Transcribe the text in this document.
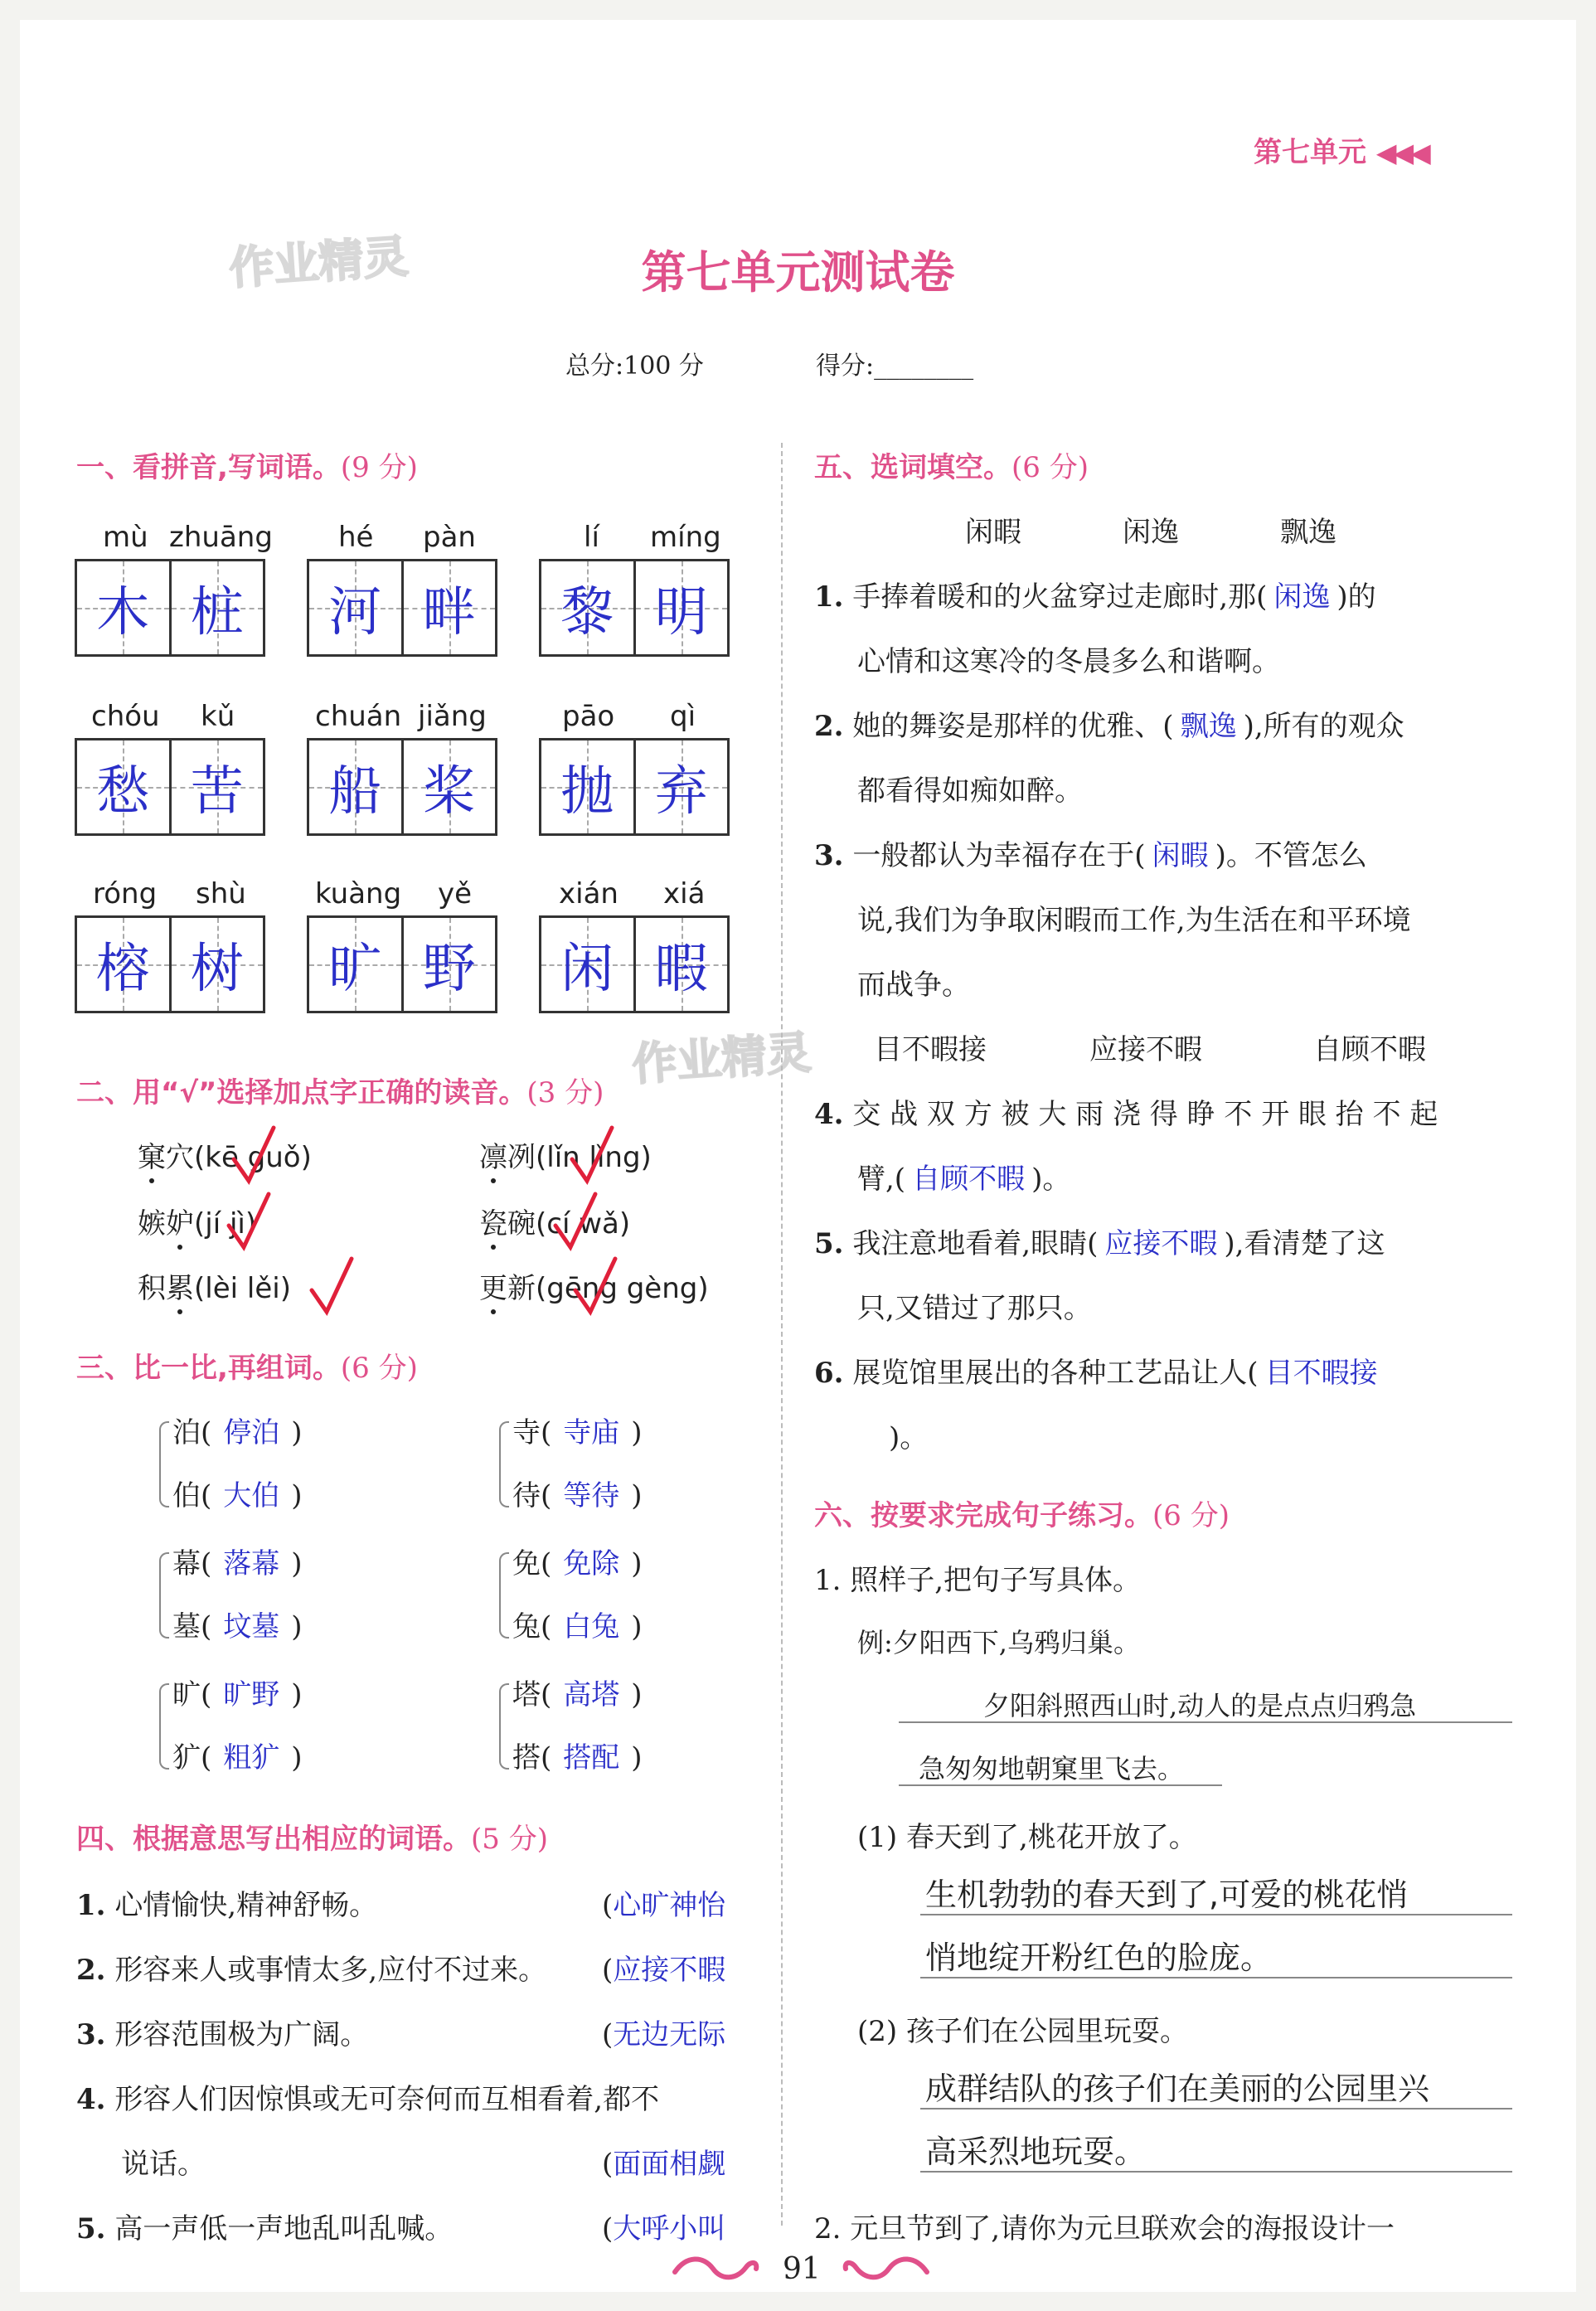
第七单元 ◀◀◀
作业精灵
作业精灵
第七单元测试卷
总分:100 分	得分:________
一、看拼音,写词语。(9 分)
mù zhuāng
木 桩
hé pàn
河 畔
lí míng
黎 明
chóu kǔ
愁 苦
chuán jiǎng
船 桨
pāo qì
抛 弃
róng shù
榕 树
kuàng yě
旷 野
xián xiá
闲 暇
二、用“√”选择加点字正确的读音。(3 分)
窠穴(kē guǒ)	凛冽(lǐn lǐng)
嫉妒(jí jì)	瓷碗(cí wǎ)
积累(lèi lěi)	更新(gēng gèng)
三、比一比,再组词。(6 分)
泊( 停泊 )
伯( 大伯 )
寺( 寺庙 )
待( 等待 )
幕( 落幕 )
墓( 坟墓 )
免( 免除 )
兔( 白兔 )
旷( 旷野 )
犷( 粗犷 )
塔( 高塔 )
搭( 搭配 )
四、根据意思写出相应的词语。(5 分)
1. 心情愉快,精神舒畅。	(心旷神怡
2. 形容来人或事情太多,应付不过来。 (应接不暇
3. 形容范围极为广阔。	(无边无际
4. 形容人们因惊惧或无可奈何而互相看着,都不
说话。	(面面相觑
5. 高一声低一声地乱叫乱喊。	(大呼小叫
五、选词填空。(6 分)
闲暇	闲逸	飘逸
1. 手捧着暖和的火盆穿过走廊时,那( 闲逸 )的
心情和这寒冷的冬晨多么和谐啊。
2. 她的舞姿是那样的优雅、( 飘逸 ),所有的观众
都看得如痴如醉。
3. 一般都认为幸福存在于( 闲暇 )。不管怎么
说,我们为争取闲暇而工作,为生活在和平环境
而战争。
目不暇接	应接不暇	自顾不暇
4. 交 战 双 方 被 大 雨 浇 得 睁 不 开 眼 抬 不 起
臂,( 自顾不暇 )。
5. 我注意地看着,眼睛( 应接不暇 ),看清楚了这
只,又错过了那只。
6. 展览馆里展出的各种工艺品让人( 目不暇接
)。
六、按要求完成句子练习。(6 分)
1. 照样子,把句子写具体。
例:夕阳西下,乌鸦归巢。
夕阳斜照西山时,动人的是点点归鸦急
急匆匆地朝窠里飞去。
(1) 春天到了,桃花开放了。
生机勃勃的春天到了,可爱的桃花悄
悄地绽开粉红色的脸庞。
(2) 孩子们在公园里玩耍。
成群结队的孩子们在美丽的公园里兴
高采烈地玩耍。
2. 元旦节到了,请你为元旦联欢会的海报设计一
91
